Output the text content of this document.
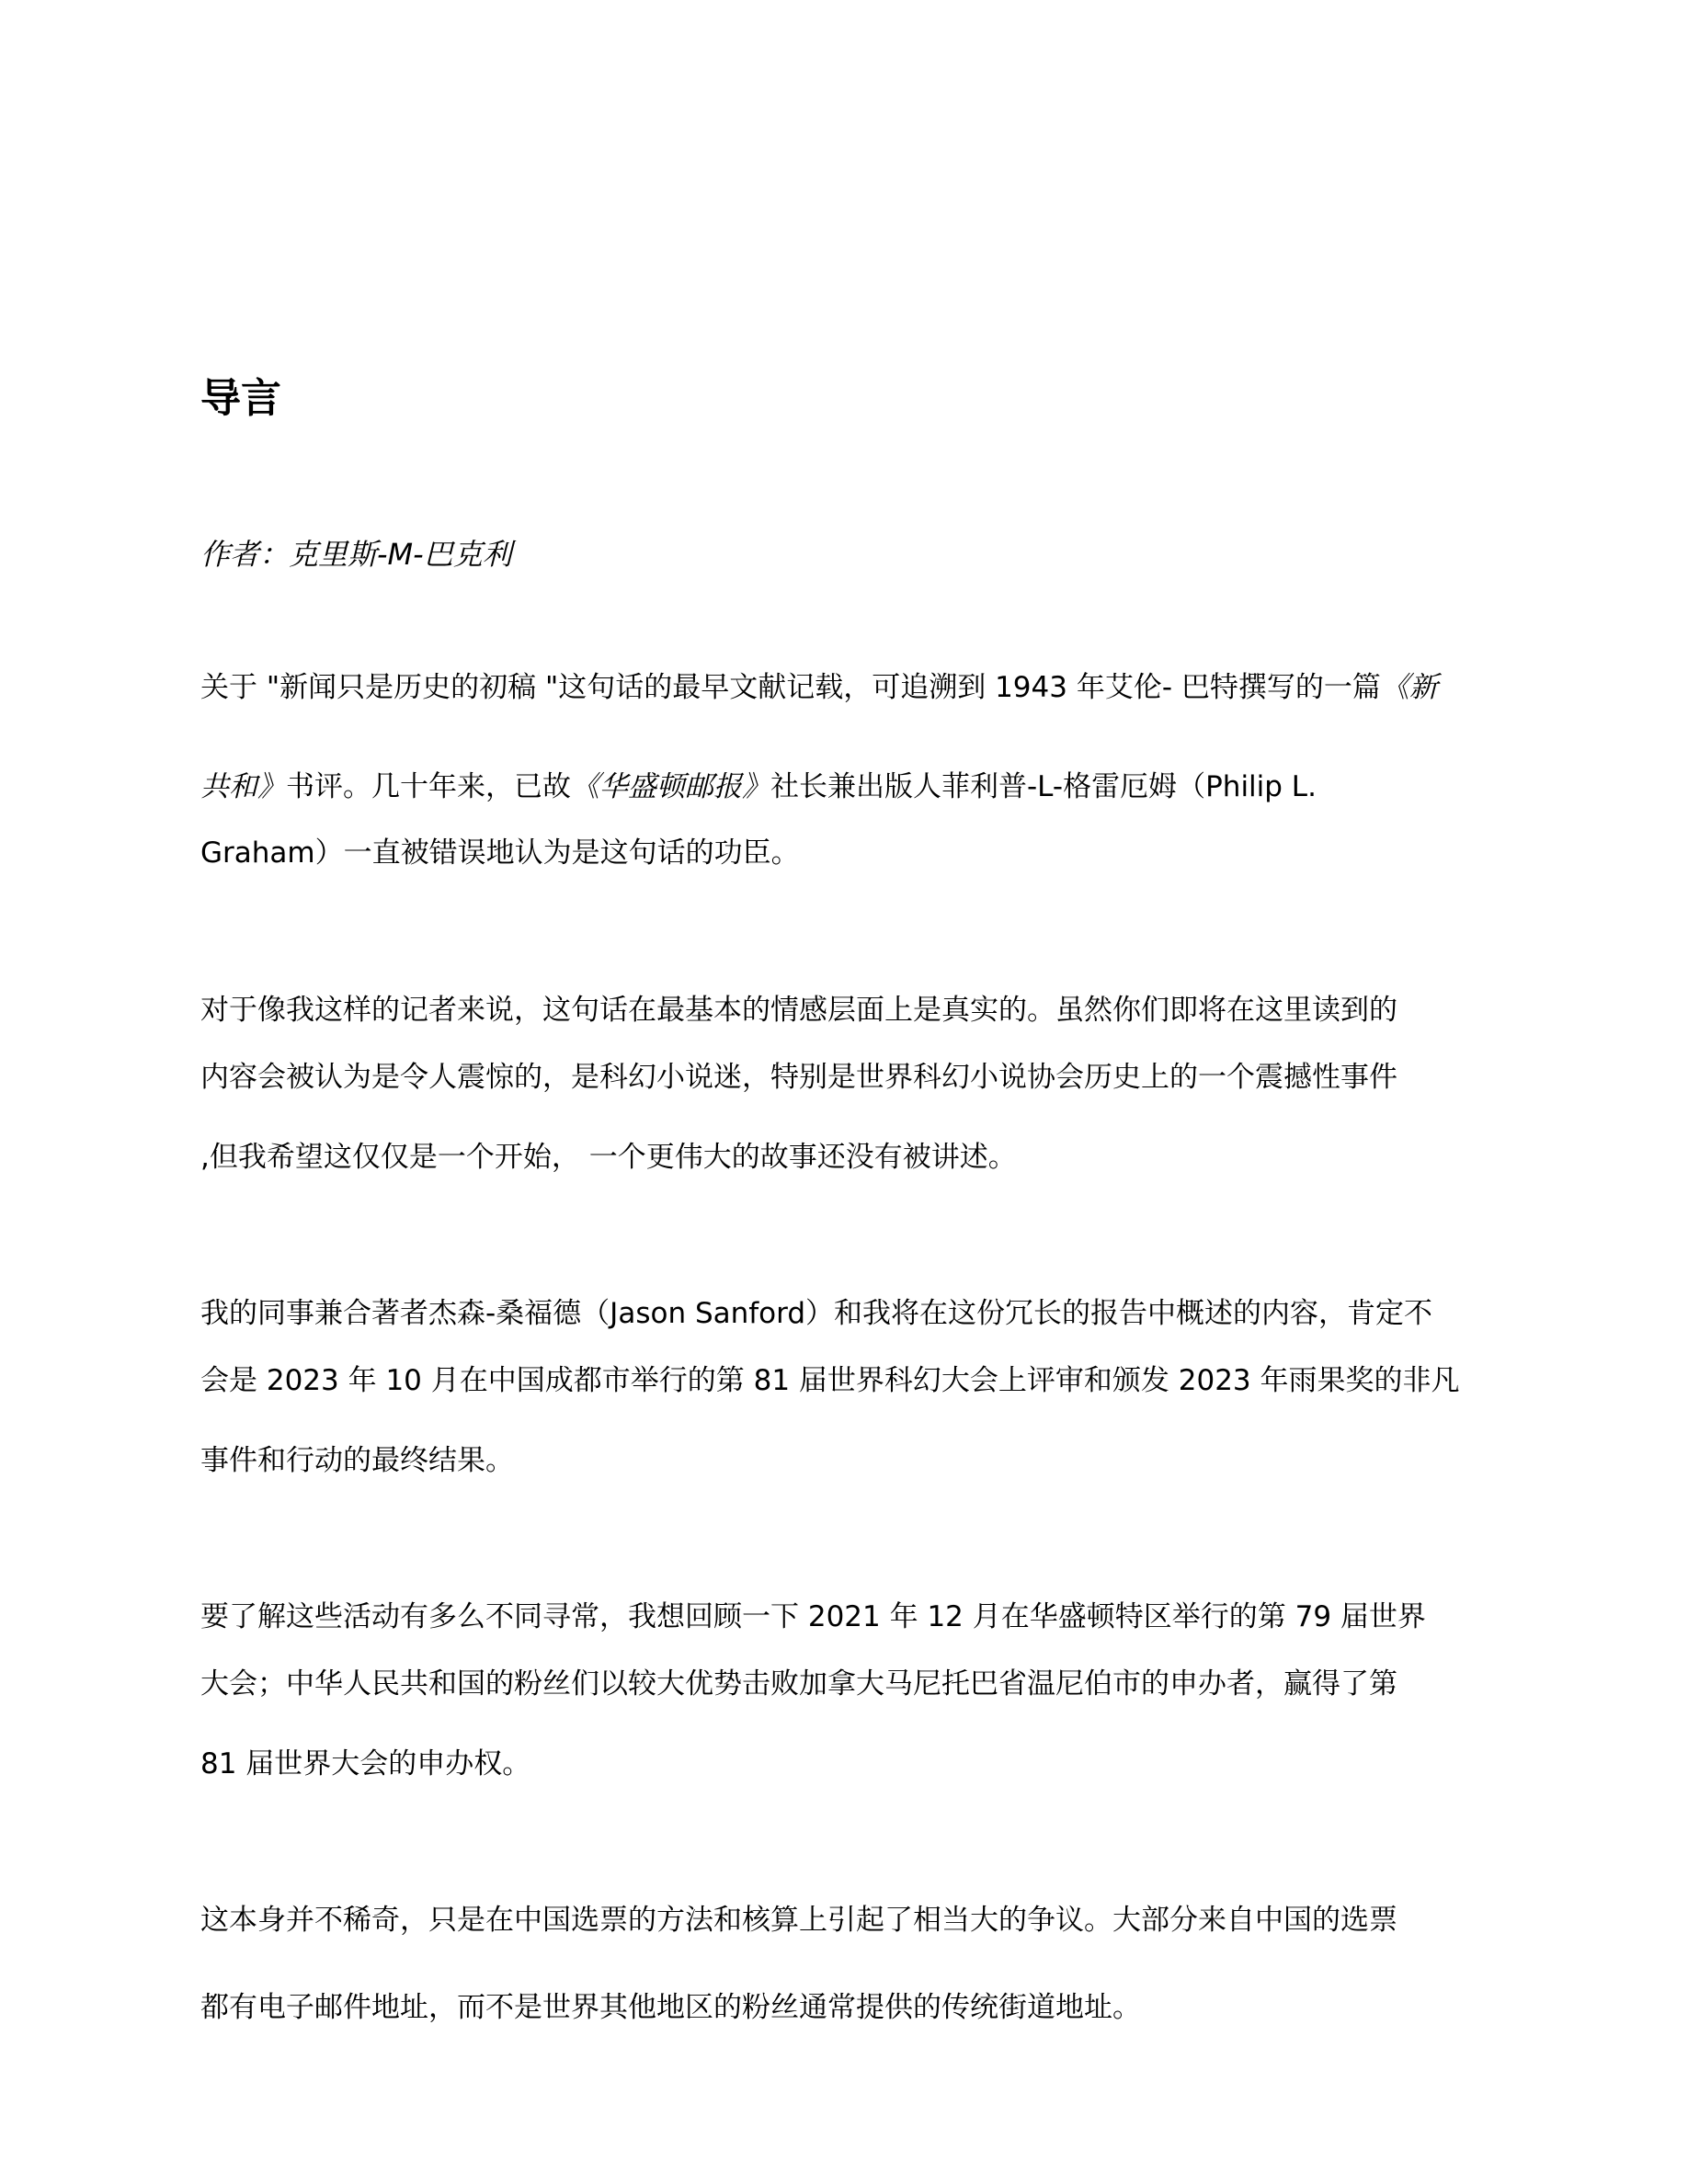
导言
作者：克里斯-M-巴克利
关于 "新闻只是历史的初稿 "这句话的最早文献记载，可追溯到 1943 年艾伦- 巴特撰写的一篇《新
共和》书评。几十年来，已故《华盛顿邮报》社长兼出版人菲利普-L-格雷厄姆（Philip L.
Graham）一直被错误地认为是这句话的功臣。
对于像我这样的记者来说，这句话在最基本的情感层面上是真实的。虽然你们即将在这里读到的
内容会被认为是令人震惊的，是科幻小说迷，特别是世界科幻小说协会历史上的一个震撼性事件
,但我希望这仅仅是一个开始， 一个更伟大的故事还没有被讲述。
我的同事兼合著者杰森-桑福德（Jason Sanford）和我将在这份冗长的报告中概述的内容，肯定不
会是 2023 年 10 月在中国成都市举行的第 81 届世界科幻大会上评审和颁发 2023 年雨果奖的非凡
事件和行动的最终结果。
要了解这些活动有多么不同寻常，我想回顾一下 2021 年 12 月在华盛顿特区举行的第 79 届世界
大会；中华人民共和国的粉丝们以较大优势击败加拿大马尼托巴省温尼伯市的申办者，赢得了第
81 届世界大会的申办权。
这本身并不稀奇，只是在中国选票的方法和核算上引起了相当大的争议。大部分来自中国的选票
都有电子邮件地址，而不是世界其他地区的粉丝通常提供的传统街道地址。
